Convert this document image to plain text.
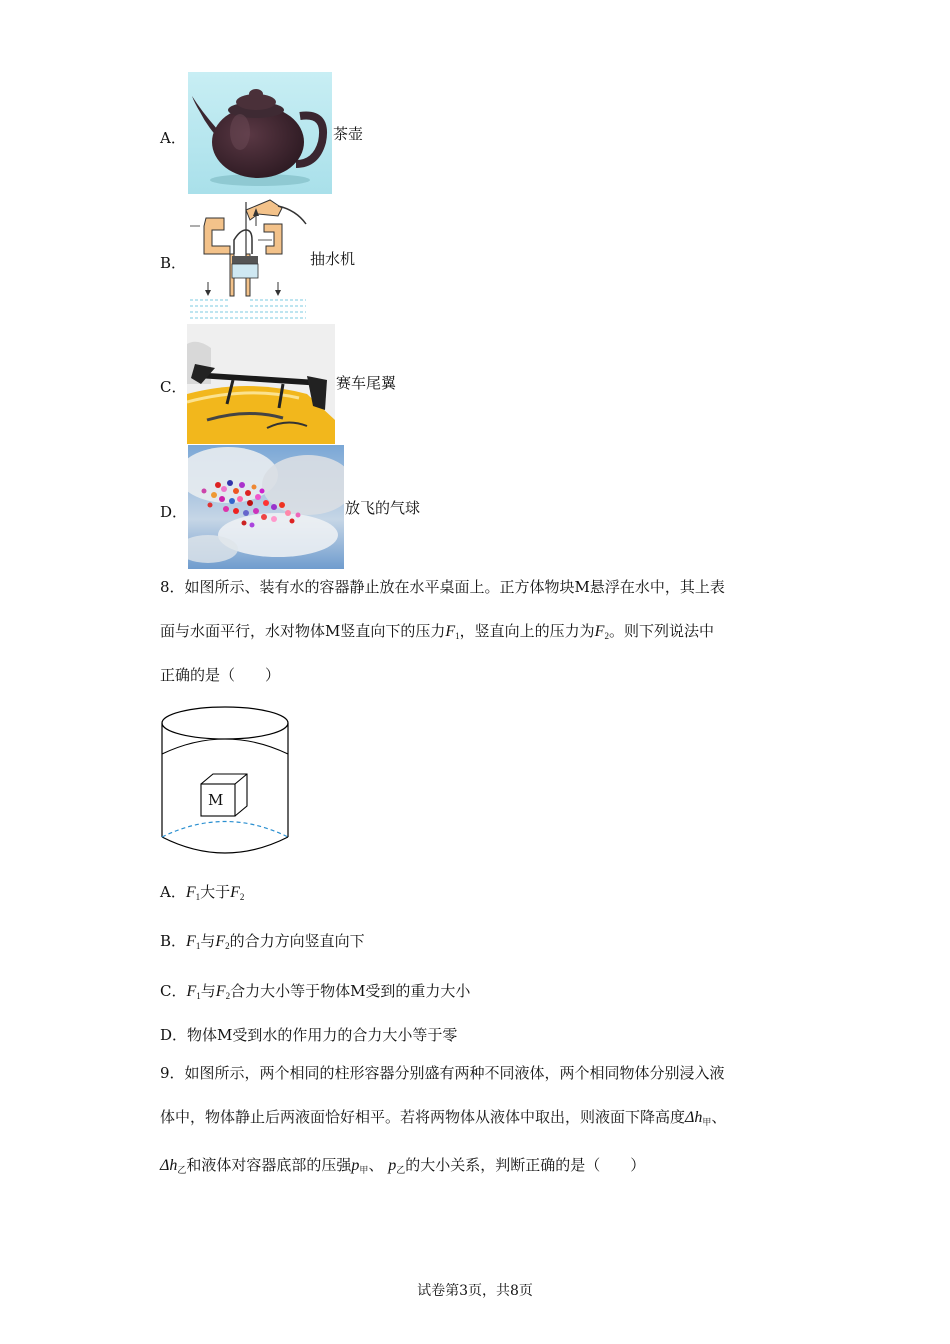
A．	茶壶
B．	抽水机
C．	赛车尾翼
D．	放飞的气球
8．如图所示、装有水的容器静止放在水平桌面上。正方体物块M悬浮在水中，其上表
面与水面平行，水对物体M竖直向下的压力$F_1$，竖直向上的压力为$F_2$。则下列说法中
正确的是（　　）
M
A．$F_1$大于$F_2$
B．$F_1$与$F_2$的合力方向竖直向下
C．$F_1$与$F_2$合力大小等于物体M受到的重力大小
D．物体M受到水的作用力的合力大小等于零
9．如图所示，两个相同的柱形容器分别盛有两种不同液体，两个相同物体分别浸入液
体中，物体静止后两液面恰好相平。若将两物体从液体中取出，则液面下降高度$\Delta h_甲$、
$\Delta h_乙$和液体对容器底部的压强$p_甲$、 $p_乙$的大小关系，判断正确的是（　　）
试卷第3页，共8页
